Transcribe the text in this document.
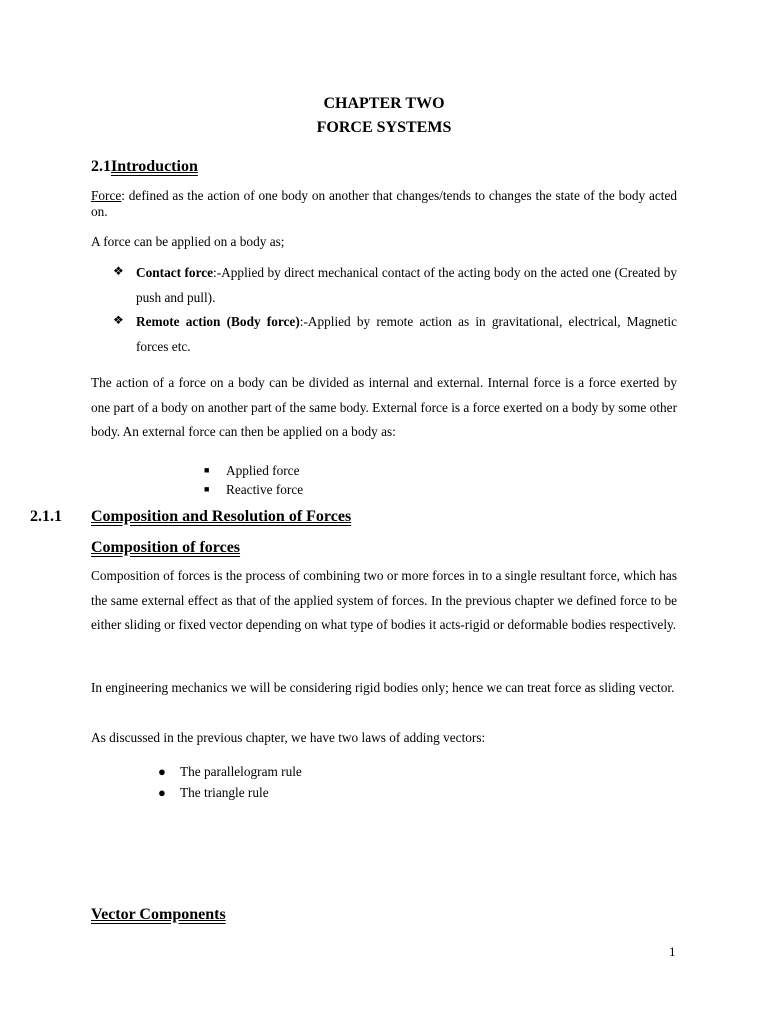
CHAPTER TWO

FORCE SYSTEMS

2.1Introduction

Force: defined as the action of one body on another that changes/tends to changes the state of the body acted on.

A force can be applied on a body as;

❖ Contact force:-Applied by direct mechanical contact of the acting body on the acted one (Created by push and pull).

❖ Remote action (Body force):-Applied by remote action as in gravitational, electrical, Magnetic forces etc.

The action of a force on a body can be divided as internal and external. Internal force is a force exerted by one part of a body on another part of the same body. External force is a force exerted on a body by some other body. An external force can then be applied on a body as:

■ Applied force
■ Reactive force

2.1.1 Composition and Resolution of Forces

Composition of forces

Composition of forces is the process of combining two or more forces in to a single resultant force, which has the same external effect as that of the applied system of forces. In the previous chapter we defined force to be either sliding or fixed vector depending on what type of bodies it acts-rigid or deformable bodies respectively.

In engineering mechanics we will be considering rigid bodies only; hence we can treat force as sliding vector.

As discussed in the previous chapter, we have two laws of adding vectors:

● The parallelogram rule
● The triangle rule

Vector Components

1
